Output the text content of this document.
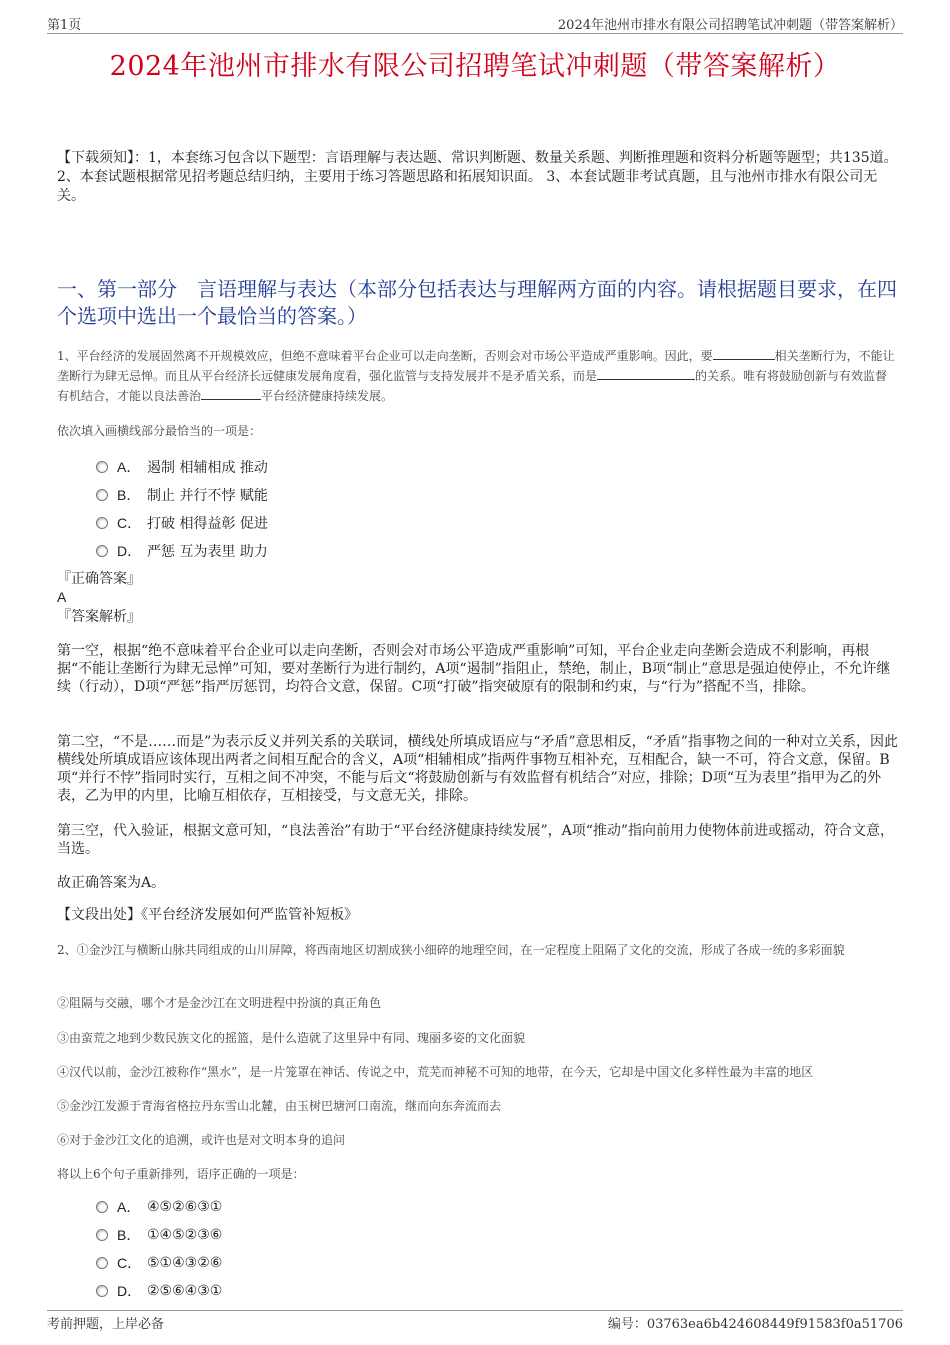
第1页	2024年池州市排水有限公司招聘笔试冲刺题（带答案解析）
2024年池州市排水有限公司招聘笔试冲刺题（带答案解析）
【下载须知】：1，本套练习包含以下题型：言语理解与表达题、常识判断题、数量关系题、判断推理题和资料分析题等题型；共135道。 2、本套试题根据常见招考题总结归纳，主要用于练习答题思路和拓展知识面。 3、本套试题非考试真题，且与池州市排水有限公司无关。
一、第一部分　言语理解与表达（本部分包括表达与理解两方面的内容。请根据题目要求，在四个选项中选出一个最恰当的答案。）
1、平台经济的发展固然离不开规模效应，但绝不意味着平台企业可以走向垄断，否则会对市场公平造成严重影响。因此，要	相关垄断行为，不能让垄断行为肆无忌惮。而且从平台经济长远健康发展角度看，强化监管与支持发展并不是矛盾关系，而是	的关系。唯有将鼓励创新与有效监督有机结合，才能以良法善治	平台经济健康持续发展。
依次填入画横线部分最恰当的一项是：
A． 遏制 相辅相成 推动
B． 制止 并行不悖 赋能
C． 打破 相得益彰 促进
D． 严惩 互为表里 助力
『正确答案』
A
『答案解析』
第一空，根据“绝不意味着平台企业可以走向垄断，否则会对市场公平造成严重影响”可知，平台企业走向垄断会造成不利影响，再根据“不能让垄断行为肆无忌惮”可知，要对垄断行为进行制约，A项“遏制”指阻止，禁绝，制止，B项“制止”意思是强迫使停止，不允许继续（行动），D项“严惩”指严厉惩罚，均符合文意，保留。C项“打破”指突破原有的限制和约束，与“行为”搭配不当，排除。
第二空，“不是……而是”为表示反义并列关系的关联词，横线处所填成语应与“矛盾”意思相反，“矛盾”指事物之间的一种对立关系，因此横线处所填成语应该体现出两者之间相互配合的含义，A项“相辅相成”指两件事物互相补充，互相配合，缺一不可，符合文意，保留。B项“并行不悖”指同时实行，互相之间不冲突，不能与后文“将鼓励创新与有效监督有机结合”对应，排除；D项“互为表里”指甲为乙的外表，乙为甲的内里，比喻互相依存，互相接受，与文意无关，排除。
第三空，代入验证，根据文意可知，“良法善治”有助于“平台经济健康持续发展”，A项“推动”指向前用力使物体前进或摇动，符合文意，当选。
故正确答案为A。
【文段出处】《平台经济发展如何严监管补短板》
2、①金沙江与横断山脉共同组成的山川屏障，将西南地区切割成狭小细碎的地理空间，在一定程度上阻隔了文化的交流，形成了各成一统的多彩面貌
②阻隔与交融，哪个才是金沙江在文明进程中扮演的真正角色
③由蛮荒之地到少数民族文化的摇篮，是什么造就了这里异中有同、瑰丽多姿的文化面貌
④汉代以前，金沙江被称作“黑水”，是一片笼罩在神话、传说之中，荒芜而神秘不可知的地带，在今天，它却是中国文化多样性最为丰富的地区
⑤金沙江发源于青海省格拉丹东雪山北麓，由玉树巴塘河口南流，继而向东奔流而去
⑥对于金沙江文化的追溯，或许也是对文明本身的追问
将以上6个句子重新排列，语序正确的一项是：
A． ④⑤②⑥③①
B． ①④⑤②③⑥
C． ⑤①④③②⑥
D． ②⑤⑥④③①
考前押题，上岸必备	编号：03763ea6b424608449f91583f0a51706
